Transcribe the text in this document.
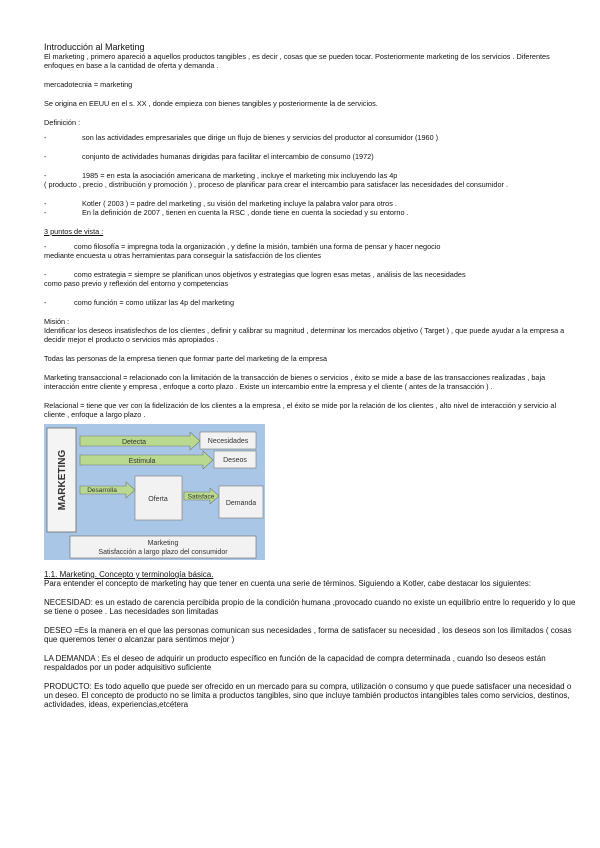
Introducción al Marketing

El marketing , primero apareció a aquellos productos tangibles , es decir , cosas que se pueden tocar. Posteriormente marketing de los servicios . Diferentes enfoques en base a la cantidad de oferta y demanda .

mercadotecnia = marketing

Se origina en EEUU en el s. XX , donde empieza con bienes tangibles y posteriormente la de servicios.

Definición :

-	son las actividades empresariales que dirige un flujo de bienes y servicios del productor al consumidor (1960 )
-	conjunto de actividades humanas dirigidas para facilitar el intercambio de consumo (1972)
-	1985 = en esta la asociación americana de marketing , incluye el marketing mix incluyendo las 4p

( producto , precio , distribución y promoción ) , proceso de planificar para crear el intercambio para satisfacer las necesidades del consumidor .

-	Kotler ( 2003 ) = padre del marketing , su visión del marketing incluye la palabra valor para otros .
-	En la definición de 2007 , tienen en cuenta la RSC , donde tiene en cuenta la sociedad y su entorno .

3 puntos de vista :

-	como filosofía = impregna toda la organización , y define la misión, también una forma de pensar y hacer negocio

mediante encuesta u otras herramientas para conseguir la satisfacción de los clientes

-	como estrategia = siempre se planifican unos objetivos y estrategias que logren esas metas , análisis de las necesidades

como paso previo y reflexión del entorno y competencias

-	como función = como utilizar las 4p del marketing

Misión :

Identificar los deseos insatisfechos de los clientes , definir y calibrar su magnitud , determinar los mercados objetivo ( Target ) , que puede ayudar a la empresa a decidir mejor el producto o servicios más apropiados .

Todas las personas de la empresa tienen que formar parte del marketing de la empresa

Marketing transaccional = relacionado con la limitación de la transacción de bienes o servicios , éxito se mide a base de las transacciones realizadas , baja interacción entre cliente y empresa , enfoque a corto plazo . Existe un intercambio entre la empresa y el cliente ( antes de la transacción ) .

Relacional = tiene que ver con la fidelización de los clientes a la empresa , el éxito se mide por la relación de los clientes , alto nivel de interacción y servicio al cliente , enfoque a largo plazo .

MARKETING
Detecta	Necesidades
Estimula	Deseos
Desarrolla
Oferta	Satisface
Demanda
Marketing
Satisfacción a largo plazo del consumidor

1.1. Marketing. Concepto y terminología básica.

Para entender el concepto de marketing hay que tener en cuenta una serie de términos. Siguiendo a Kotler, cabe destacar los siguientes:

NECESIDAD: es un estado de carencia percibida propio de la condición humana ,provocado cuando no existe un equilibrio entre lo requerido y lo que se tiene o posee . Las necesidades son limitadas

DESEO =Es la manera en el que las personas comunican sus necesidades , forma de satisfacer su necesidad , los deseos son los ilimitados ( cosas que queremos tener o alcanzar para sentimos mejor )

LA DEMANDA : Es el deseo de adquirir un producto específico en función de la capacidad de compra determinada , cuando lso deseos están respaldados por un poder adquisitivo suficiente

PRODUCTO: Es todo aquello que puede ser ofrecido en un mercado para su compra, utilización o consumo y que puede satisfacer una necesidad o un deseo. El concepto de producto no se limita a productos tangibles, sino que incluye también productos intangibles tales como servicios, destinos, actividades, ideas, experiencias,etcétera
